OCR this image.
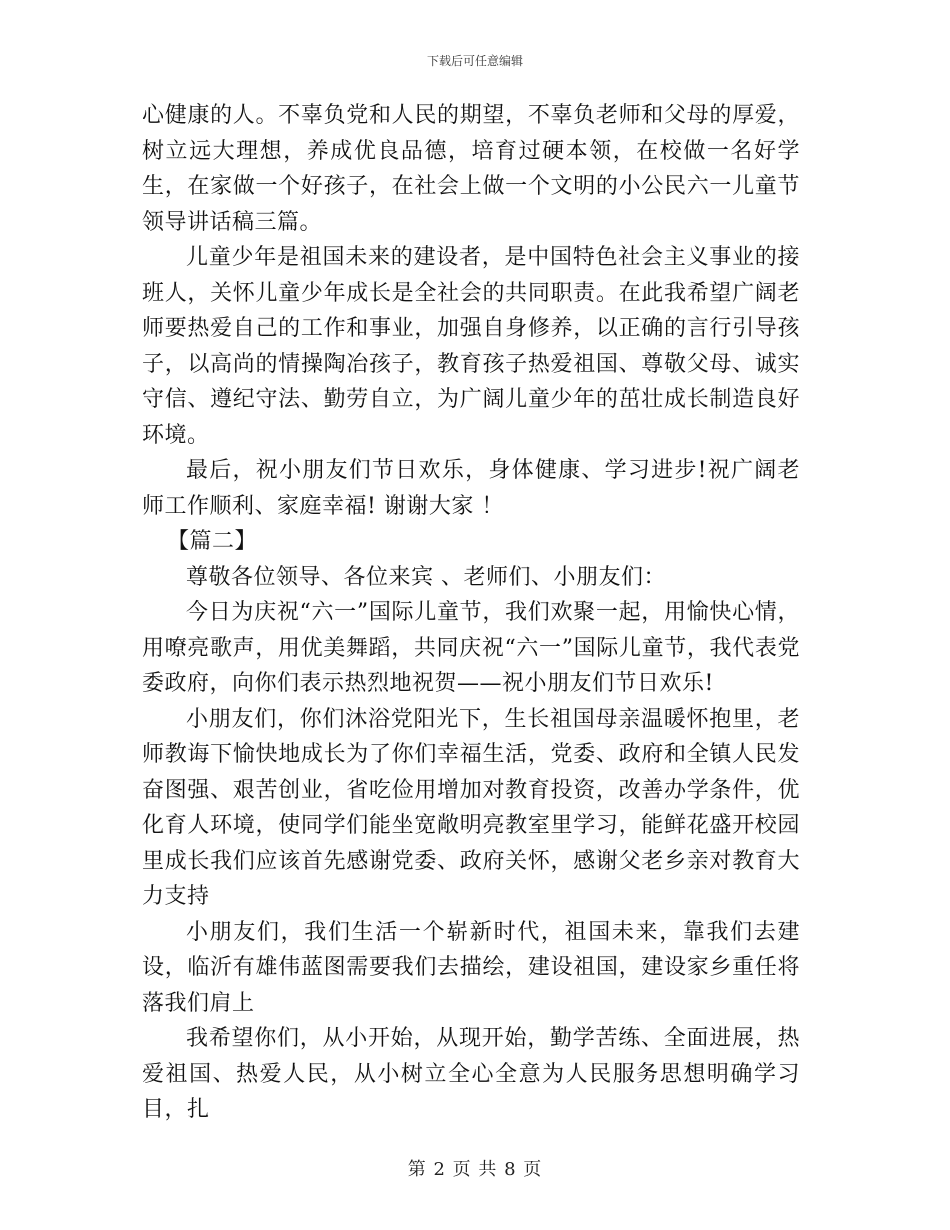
下载后可任意编辑

心健康的人。不辜负党和人民的期望，不辜负老师和父母的厚爱，树立远大理想，养成优良品德，培育过硬本领，在校做一名好学生，在家做一个好孩子，在社会上做一个文明的小公民六一儿童节领导讲话稿三篇。

儿童少年是祖国未来的建设者，是中国特色社会主义事业的接班人，关怀儿童少年成长是全社会的共同职责。在此我希望广阔老师要热爱自己的工作和事业，加强自身修养，以正确的言行引导孩子，以高尚的情操陶冶孩子，教育孩子热爱祖国、尊敬父母、诚实守信、遵纪守法、勤劳自立，为广阔儿童少年的茁壮成长制造良好环境。

最后，祝小朋友们节日欢乐，身体健康、学习进步!祝广阔老师工作顺利、家庭幸福! 谢谢大家 ！

【篇二】

尊敬各位领导、各位来宾 、老师们、小朋友们：

今日为庆祝“六一”国际儿童节，我们欢聚一起，用愉快心情，用嘹亮歌声，用优美舞蹈，共同庆祝“六一”国际儿童节，我代表党委政府，向你们表示热烈地祝贺——祝小朋友们节日欢乐!

小朋友们，你们沐浴党阳光下，生长祖国母亲温暖怀抱里，老师教诲下愉快地成长为了你们幸福生活，党委、政府和全镇人民发奋图强、艰苦创业，省吃俭用增加对教育投资，改善办学条件，优化育人环境，使同学们能坐宽敞明亮教室里学习，能鲜花盛开校园里成长我们应该首先感谢党委、政府关怀，感谢父老乡亲对教育大力支持

小朋友们，我们生活一个崭新时代，祖国未来，靠我们去建设，临沂有雄伟蓝图需要我们去描绘，建设祖国，建设家乡重任将落我们肩上

我希望你们，从小开始，从现开始，勤学苦练、全面进展，热爱祖国、热爱人民，从小树立全心全意为人民服务思想明确学习目，扎

第 2 页 共 8 页
